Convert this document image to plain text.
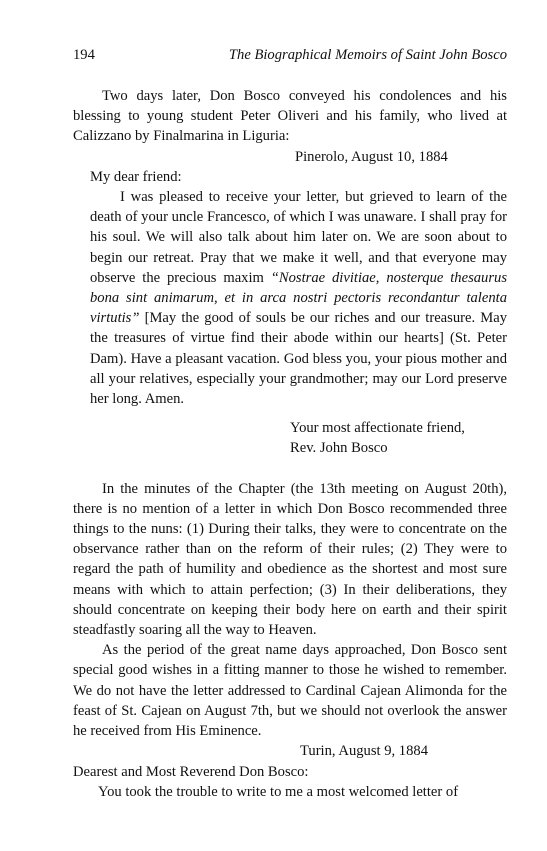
194	The Biographical Memoirs of Saint John Bosco

Two days later, Don Bosco conveyed his condolences and his blessing to young student Peter Oliveri and his family, who lived at Calizzano by Finalmarina in Liguria:

Pinerolo, August 10, 1884

My dear friend:

I was pleased to receive your letter, but grieved to learn of the death of your uncle Francesco, of which I was unaware. I shall pray for his soul. We will also talk about him later on. We are soon about to begin our retreat. Pray that we make it well, and that everyone may observe the precious maxim “Nostrae divitiae, nosterque thesaurus bona sint animarum, et in arca nostri pectoris recondantur talenta virtutis” [May the good of souls be our riches and our treasure. May the treasures of virtue find their abode within our hearts] (St. Peter Dam). Have a pleasant vacation. God bless you, your pious mother and all your relatives, especially your grandmother; may our Lord preserve her long. Amen.

Your most affectionate friend,

Rev. John Bosco

In the minutes of the Chapter (the 13th meeting on August 20th), there is no mention of a letter in which Don Bosco recommended three things to the nuns: (1) During their talks, they were to concentrate on the observance rather than on the reform of their rules; (2) They were to regard the path of humility and obedience as the shortest and most sure means with which to attain perfection; (3) In their deliberations, they should concentrate on keeping their body here on earth and their spirit steadfastly soaring all the way to Heaven.

As the period of the great name days approached, Don Bosco sent special good wishes in a fitting manner to those he wished to remember. We do not have the letter addressed to Cardinal Cajean Alimonda for the feast of St. Cajean on August 7th, but we should not overlook the answer he received from His Eminence.

Turin, August 9, 1884

Dearest and Most Reverend Don Bosco:

You took the trouble to write to me a most welcomed letter of
